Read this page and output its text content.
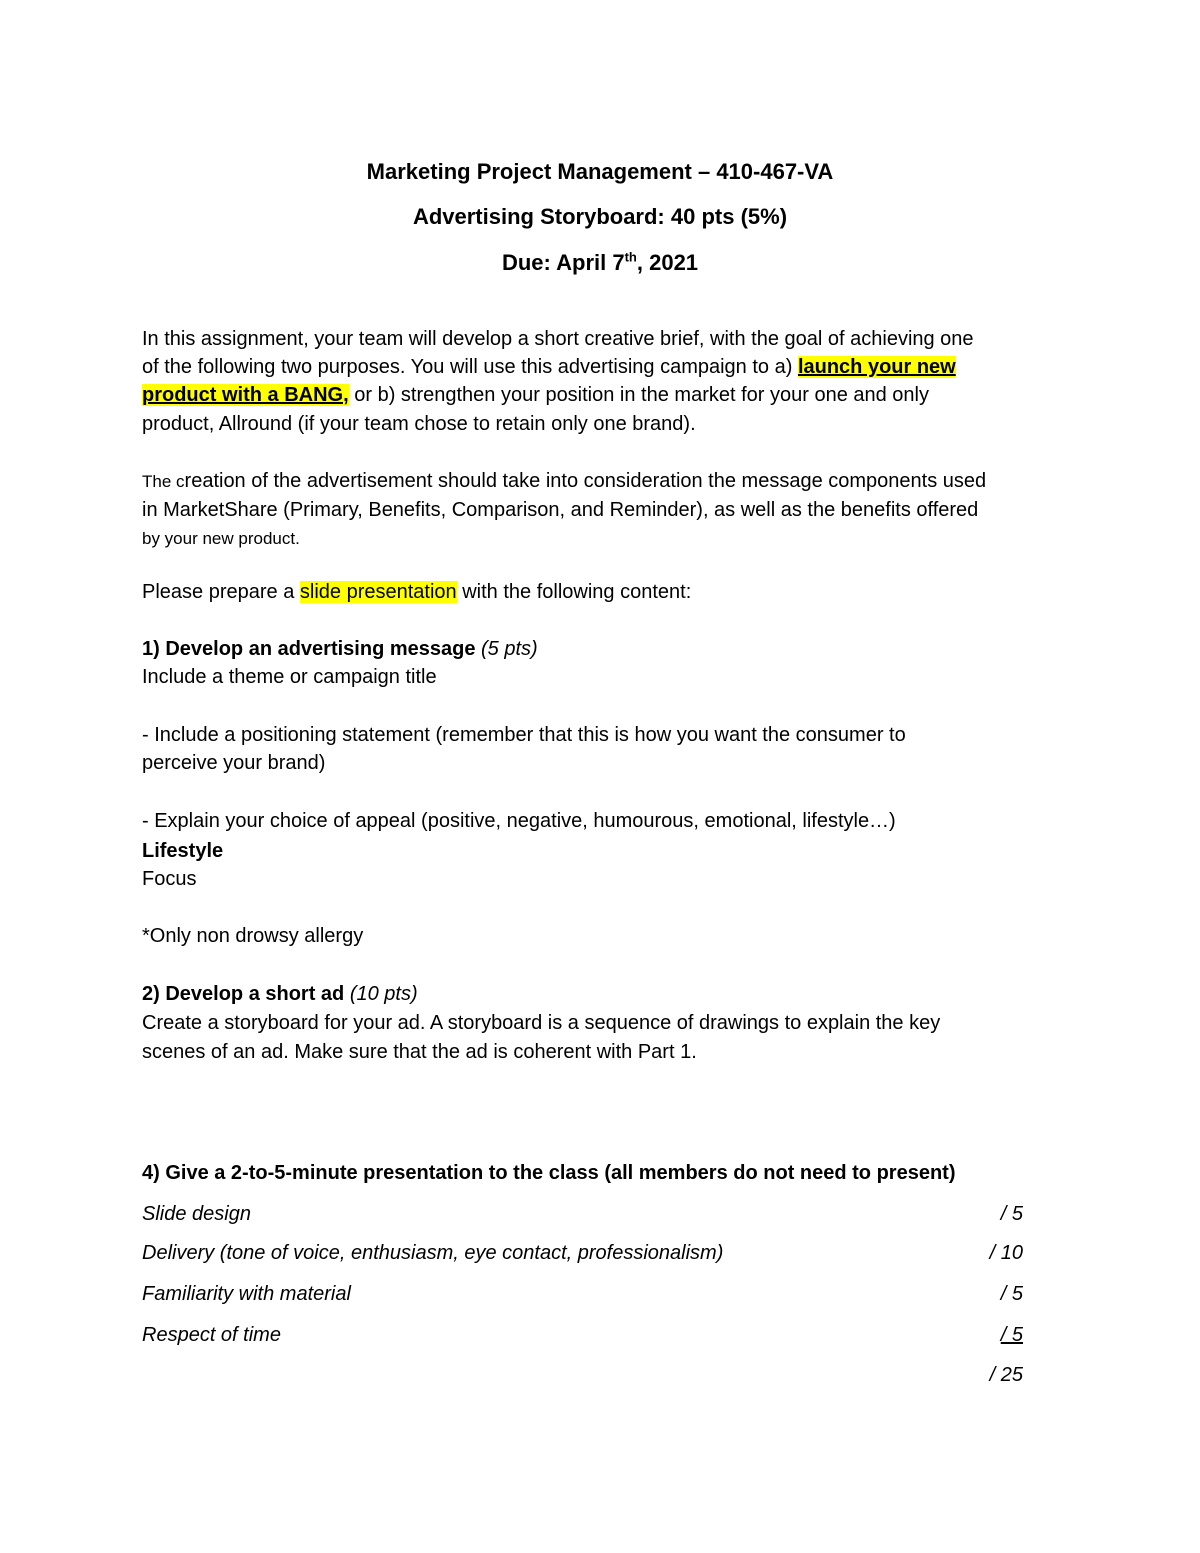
Marketing Project Management – 410-467-VA
Advertising Storyboard: 40 pts (5%)
Due: April 7th, 2021
In this assignment, your team will develop a short creative brief, with the goal of achieving one
of the following two purposes. You will use this advertising campaign to a) launch your new
product with a BANG, or b) strengthen your position in the market for your one and only
product, Allround (if your team chose to retain only one brand).
The creation of the advertisement should take into consideration the message components used
in MarketShare (Primary, Benefits, Comparison, and Reminder), as well as the benefits offered
by your new product.
Please prepare a slide presentation with the following content:
1) Develop an advertising message (5 pts)
Include a theme or campaign title
- Include a positioning statement (remember that this is how you want the consumer to
perceive your brand)
- Explain your choice of appeal (positive, negative, humourous, emotional, lifestyle…)
Lifestyle
Focus
*Only non drowsy allergy
2) Develop a short ad (10 pts)
Create a storyboard for your ad. A storyboard is a sequence of drawings to explain the key
scenes of an ad. Make sure that the ad is coherent with Part 1.
4) Give a 2-to-5-minute presentation to the class (all members do not need to present)
Slide design	/ 5
Delivery (tone of voice, enthusiasm, eye contact, professionalism)	/ 10
Familiarity with material	/ 5
Respect of time	/ 5
/ 25
